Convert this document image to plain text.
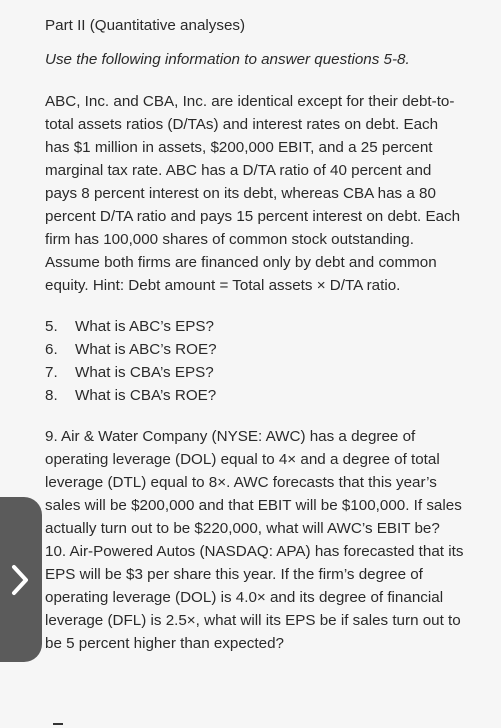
Part II (Quantitative analyses)

Use the following information to answer questions 5-8.

ABC, Inc. and CBA, Inc. are identical except for their debt-to-total assets ratios (D/TAs) and interest rates on debt. Each has $1 million in assets, $200,000 EBIT, and a 25 percent marginal tax rate. ABC has a D/TA ratio of 40 percent and pays 8 percent interest on its debt, whereas CBA has a 80 percent D/TA ratio and pays 15 percent interest on debt. Each firm has 100,000 shares of common stock outstanding. Assume both firms are financed only by debt and common equity. Hint: Debt amount = Total assets × D/TA ratio.

5.	What is ABC’s EPS?
6.	What is ABC’s ROE?
7.	What is CBA’s EPS?
8.	What is CBA’s ROE?

9. Air & Water Company (NYSE: AWC) has a degree of operating leverage (DOL) equal to 4× and a degree of total leverage (DTL) equal to 8×. AWC forecasts that this year’s sales will be $200,000 and that EBIT will be $100,000. If sales actually turn out to be $220,000, what will AWC’s EBIT be?

10. Air-Powered Autos (NASDAQ: APA) has forecasted that its EPS will be $3 per share this year. If the firm’s degree of operating leverage (DOL) is 4.0× and its degree of financial leverage (DFL) is 2.5×, what will its EPS be if sales turn out to be 5 percent higher than expected?
